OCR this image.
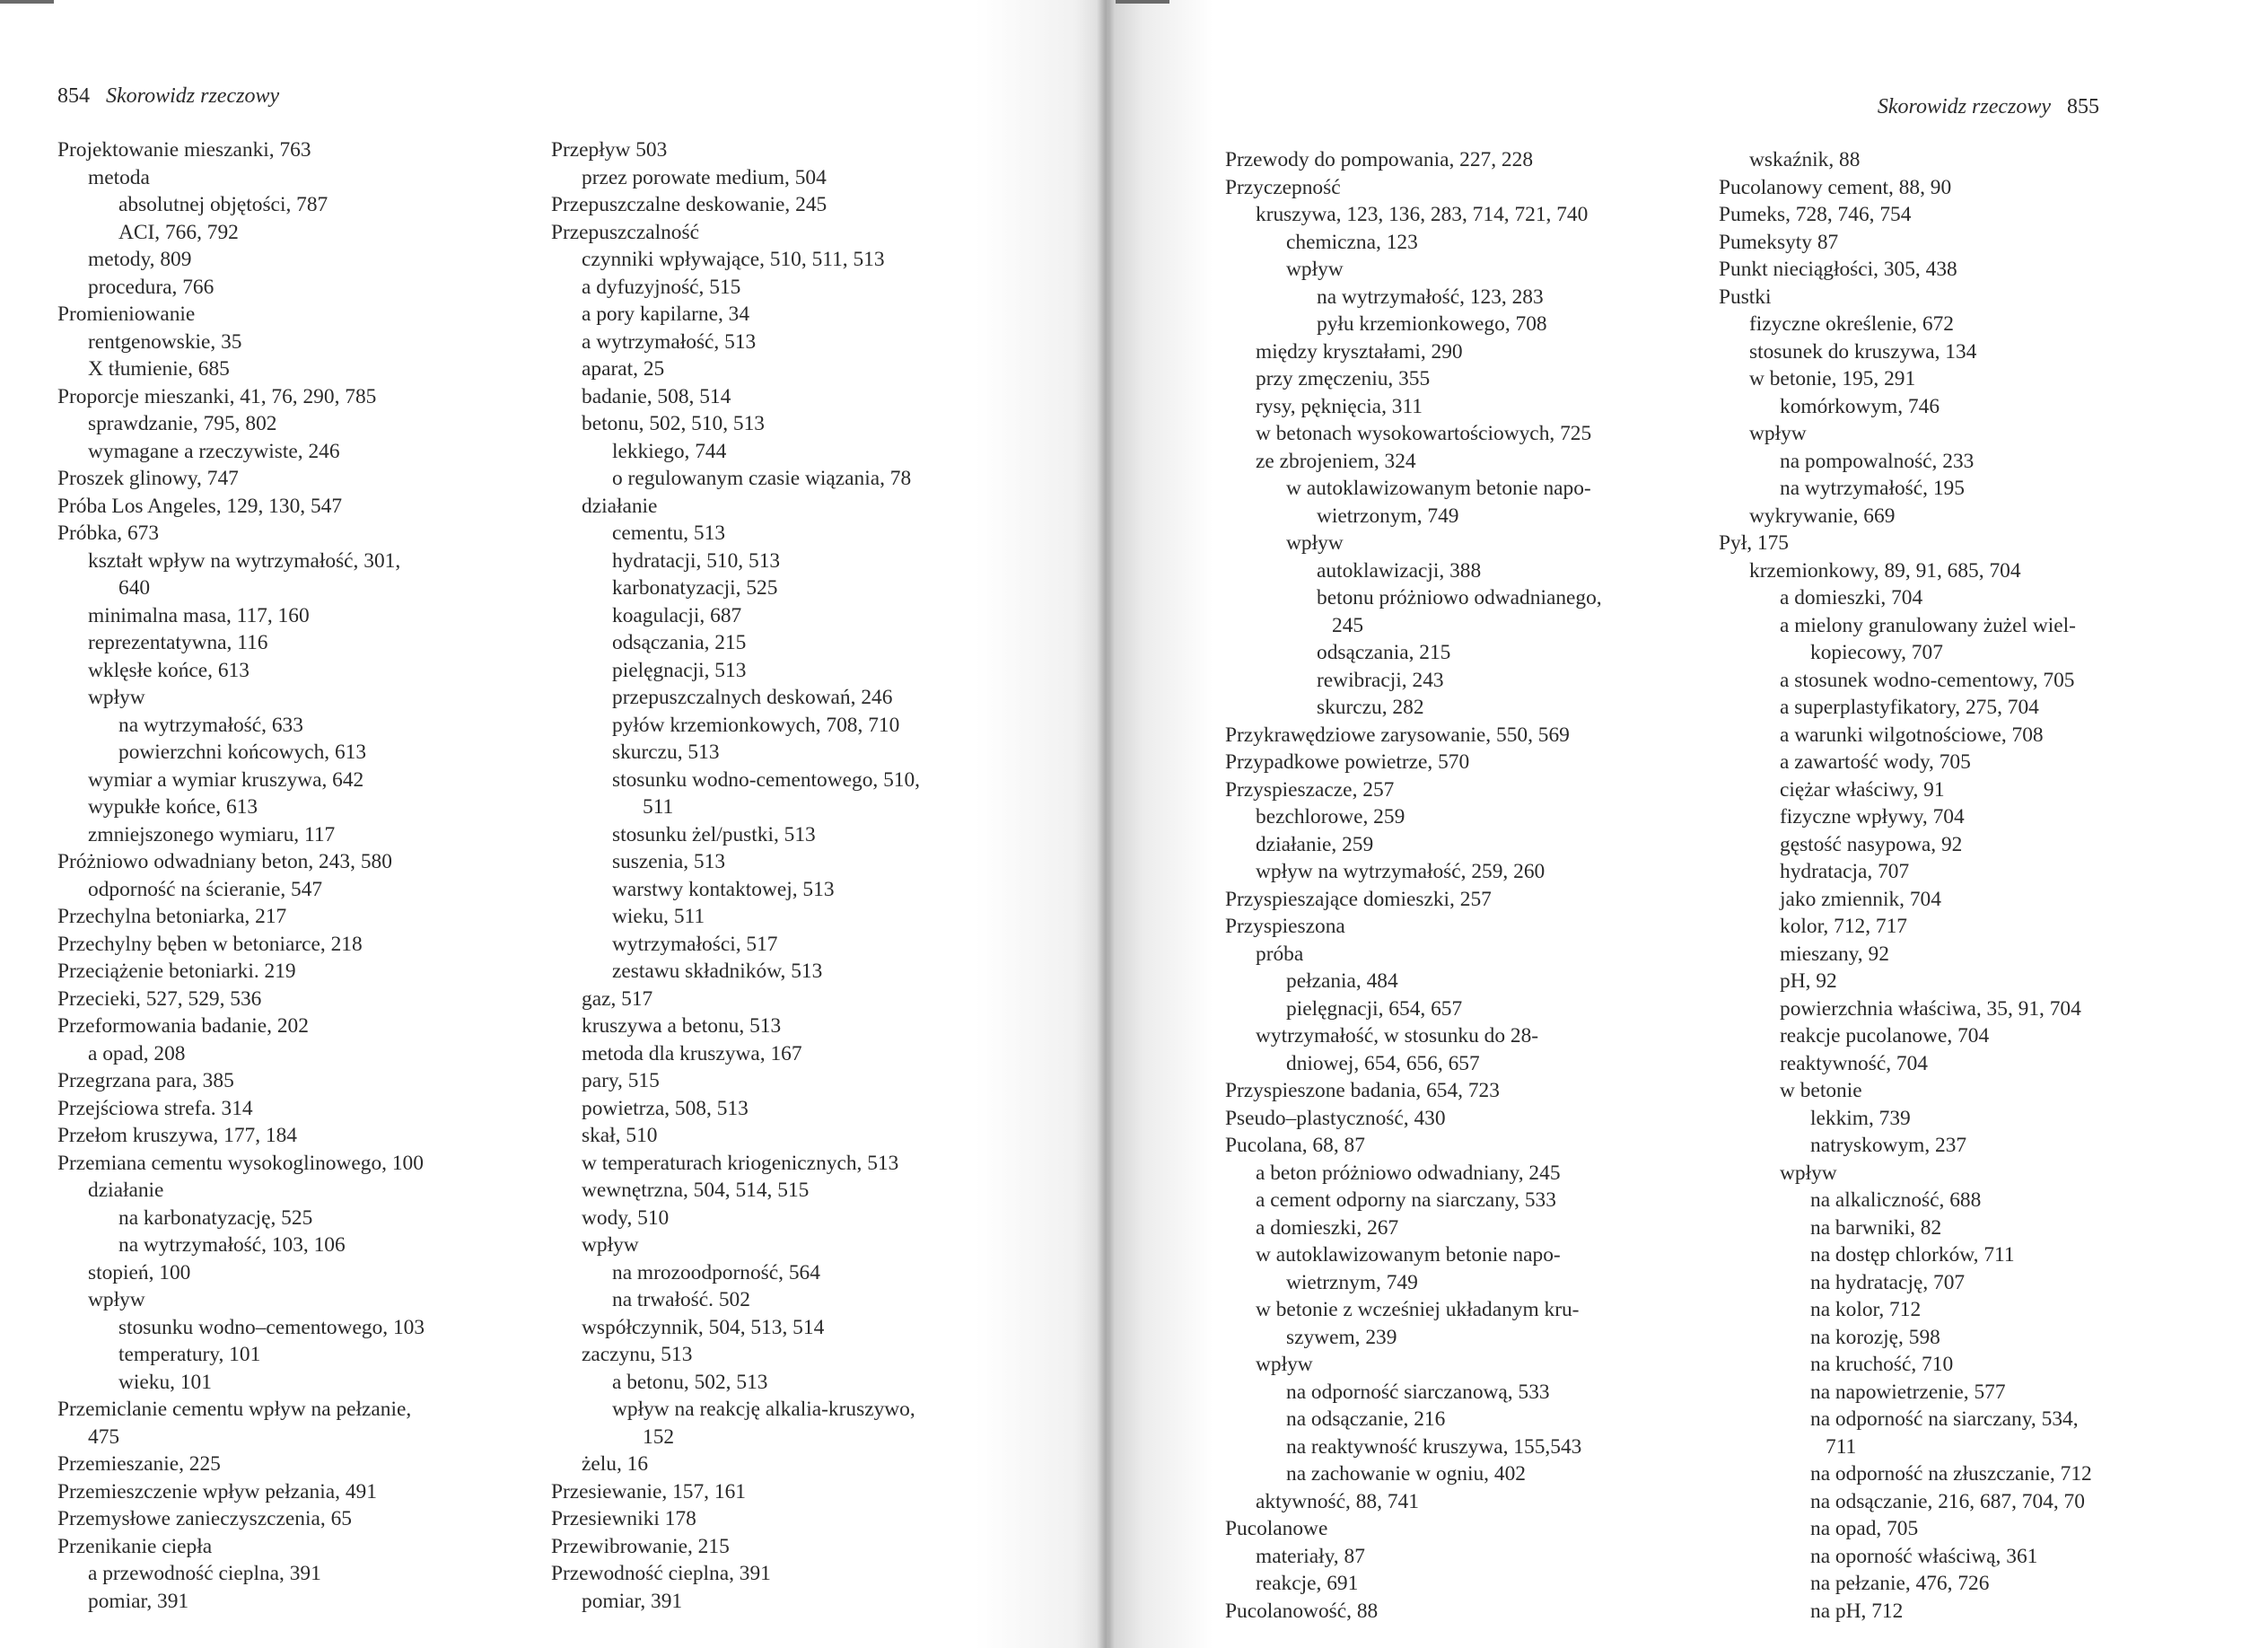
854 Skorowidz rzeczowy
Projektowanie mieszanki, 763
metoda
absolutnej objętości, 787
ACI, 766, 792
metody, 809
procedura, 766
Promieniowanie
rentgenowskie, 35
X tłumienie, 685
Proporcje mieszanki, 41, 76, 290, 785
sprawdzanie, 795, 802
wymagane a rzeczywiste, 246
Proszek glinowy, 747
Próba Los Angeles, 129, 130, 547
Próbka, 673
kształt wpływ na wytrzymałość, 301,
640
minimalna masa, 117, 160
reprezentatywna, 116
wklęsłe końce, 613
wpływ
na wytrzymałość, 633
powierzchni końcowych, 613
wymiar a wymiar kruszywa, 642
wypukłe końce, 613
zmniejszonego wymiaru, 117
Próżniowo odwadniany beton, 243, 580
odporność na ścieranie, 547
Przechylna betoniarka, 217
Przechylny bęben w betoniarce, 218
Przeciążenie betoniarki. 219
Przecieki, 527, 529, 536
Przeformowania badanie, 202
a opad, 208
Przegrzana para, 385
Przejściowa strefa. 314
Przełom kruszywa, 177, 184
Przemiana cementu wysokoglinowego, 100
działanie
na karbonatyzację, 525
na wytrzymałość, 103, 106
stopień, 100
wpływ
stosunku wodno–cementowego, 103
temperatury, 101
wieku, 101
Przemiclanie cementu wpływ na pełzanie,
475
Przemieszanie, 225
Przemieszczenie wpływ pełzania, 491
Przemysłowe zanieczyszczenia, 65
Przenikanie ciepła
a przewodność cieplna, 391
pomiar, 391
Przepływ 503
przez porowate medium, 504
Przepuszczalne deskowanie, 245
Przepuszczalność
czynniki wpływające, 510, 511, 513
a dyfuzyjność, 515
a pory kapilarne, 34
a wytrzymałość, 513
aparat, 25
badanie, 508, 514
betonu, 502, 510, 513
lekkiego, 744
o regulowanym czasie wiązania, 78
działanie
cementu, 513
hydratacji, 510, 513
karbonatyzacji, 525
koagulacji, 687
odsączania, 215
pielęgnacji, 513
przepuszczalnych deskowań, 246
pyłów krzemionkowych, 708, 710
skurczu, 513
stosunku wodno-cementowego, 510,
511
stosunku żel/pustki, 513
suszenia, 513
warstwy kontaktowej, 513
wieku, 511
wytrzymałości, 517
zestawu składników, 513
gaz, 517
kruszywa a betonu, 513
metoda dla kruszywa, 167
pary, 515
powietrza, 508, 513
skał, 510
w temperaturach kriogenicznych, 513
wewnętrzna, 504, 514, 515
wody, 510
wpływ
na mrozoodporność, 564
na trwałość. 502
współczynnik, 504, 513, 514
zaczynu, 513
a betonu, 502, 513
wpływ na reakcję alkalia-kruszywo,
152
żelu, 16
Przesiewanie, 157, 161
Przesiewniki 178
Przewibrowanie, 215
Przewodność cieplna, 391
pomiar, 391
Skorowidz rzeczowy 855
Przewody do pompowania, 227, 228
Przyczepność
kruszywa, 123, 136, 283, 714, 721, 740
chemiczna, 123
wpływ
na wytrzymałość, 123, 283
pyłu krzemionkowego, 708
między kryształami, 290
przy zmęczeniu, 355
rysy, pęknięcia, 311
w betonach wysokowartościowych, 725
ze zbrojeniem, 324
w autoklawizowanym betonie napo-
wietrzonym, 749
wpływ
autoklawizacji, 388
betonu próżniowo odwadnianego,
245
odsączania, 215
rewibracji, 243
skurczu, 282
Przykrawędziowe zarysowanie, 550, 569
Przypadkowe powietrze, 570
Przyspieszacze, 257
bezchlorowe, 259
działanie, 259
wpływ na wytrzymałość, 259, 260
Przyspieszające domieszki, 257
Przyspieszona
próba
pełzania, 484
pielęgnacji, 654, 657
wytrzymałość, w stosunku do 28-
dniowej, 654, 656, 657
Przyspieszone badania, 654, 723
Pseudo–plastyczność, 430
Pucolana, 68, 87
a beton próżniowo odwadniany, 245
a cement odporny na siarczany, 533
a domieszki, 267
w autoklawizowanym betonie napo-
wietrznym, 749
w betonie z wcześniej układanym kru-
szywem, 239
wpływ
na odporność siarczanową, 533
na odsączanie, 216
na reaktywność kruszywa, 155,543
na zachowanie w ogniu, 402
aktywność, 88, 741
Pucolanowe
materiały, 87
reakcje, 691
Pucolanowość, 88
wskaźnik, 88
Pucolanowy cement, 88, 90
Pumeks, 728, 746, 754
Pumeksyty 87
Punkt nieciągłości, 305, 438
Pustki
fizyczne określenie, 672
stosunek do kruszywa, 134
w betonie, 195, 291
komórkowym, 746
wpływ
na pompowalność, 233
na wytrzymałość, 195
wykrywanie, 669
Pył, 175
krzemionkowy, 89, 91, 685, 704
a domieszki, 704
a mielony granulowany żużel wiel-
kopiecowy, 707
a stosunek wodno-cementowy, 705
a superplastyfikatory, 275, 704
a warunki wilgotnościowe, 708
a zawartość wody, 705
ciężar właściwy, 91
fizyczne wpływy, 704
gęstość nasypowa, 92
hydratacja, 707
jako zmiennik, 704
kolor, 712, 717
mieszany, 92
pH, 92
powierzchnia właściwa, 35, 91, 704
reakcje pucolanowe, 704
reaktywność, 704
w betonie
lekkim, 739
natryskowym, 237
wpływ
na alkaliczność, 688
na barwniki, 82
na dostęp chlorków, 711
na hydratację, 707
na kolor, 712
na korozję, 598
na kruchość, 710
na napowietrzenie, 577
na odporność na siarczany, 534,
711
na odporność na złuszczanie, 712
na odsączanie, 216, 687, 704, 70
na opad, 705
na oporność właściwą, 361
na pełzanie, 476, 726
na pH, 712
